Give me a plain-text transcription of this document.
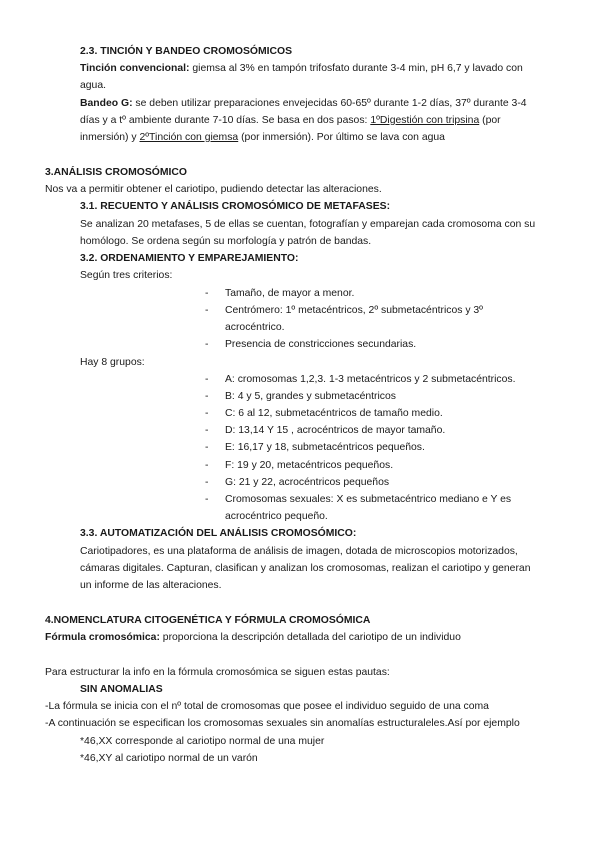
2.3. TINCIÓN Y BANDEO CROMOSÓMICOS
Tinción convencional: giemsa al 3% en tampón trifosfato durante 3-4 min, pH 6,7 y lavado con
agua.
Bandeo G: se deben utilizar preparaciones envejecidas 60-65º durante 1-2 días, 37º durante 3-4
días y a tº ambiente durante 7-10 días. Se basa en dos pasos: 1ºDigestión con tripsina (por
inmersión) y 2ºTinción con giemsa (por inmersión). Por último se lava con agua
3.ANÁLISIS CROMOSÓMICO
Nos va a permitir obtener el cariotipo, pudiendo detectar las alteraciones.
3.1. RECUENTO Y ANÁLISIS CROMOSÓMICO DE METAFASES:
Se analizan 20 metafases, 5 de ellas se cuentan, fotografían y emparejan cada cromosoma con su
homólogo. Se ordena según su morfología y patrón de bandas.
3.2. ORDENAMIENTO Y EMPAREJAMIENTO:
Según tres criterios:
- Tamaño, de mayor a menor.
- Centrómero: 1º metacéntricos, 2º submetacéntricos y 3º
acrocéntrico.
- Presencia de constricciones secundarias.
Hay 8 grupos:
- A: cromosomas 1,2,3. 1-3 metacéntricos y 2 submetacéntricos.
- B: 4 y 5, grandes y submetacéntricos
- C: 6 al 12, submetacéntricos de tamaño medio.
- D: 13,14 Y 15 , acrocéntricos de mayor tamaño.
- E: 16,17 y 18, submetacéntricos pequeños.
- F: 19 y 20, metacéntricos pequeños.
- G: 21 y 22, acrocéntricos pequeños
- Cromosomas sexuales: X es submetacéntrico mediano e Y es
acrocéntrico pequeño.
3.3. AUTOMATIZACIÓN DEL ANÁLISIS CROMOSÓMICO:
Cariotipadores, es una plataforma de análisis de imagen, dotada de microscopios motorizados,
cámaras digitales. Capturan, clasifican y analizan los cromosomas, realizan el cariotipo y generan
un informe de las alteraciones.
4.NOMENCLATURA CITOGENÉTICA Y FÓRMULA CROMOSÓMICA
Fórmula cromosómica: proporciona la descripción detallada del cariotipo de un individuo
Para estructurar la info en la fórmula cromosómica se siguen estas pautas:
SIN ANOMALIAS
-La fórmula se inicia con el nº total de cromosomas que posee el individuo seguido de una coma
-A continuación se especifican los cromosomas sexuales sin anomalías estructuraleles.Así por ejemplo
*46,XX corresponde al cariotipo normal de una mujer
*46,XY al cariotipo normal de un varón
